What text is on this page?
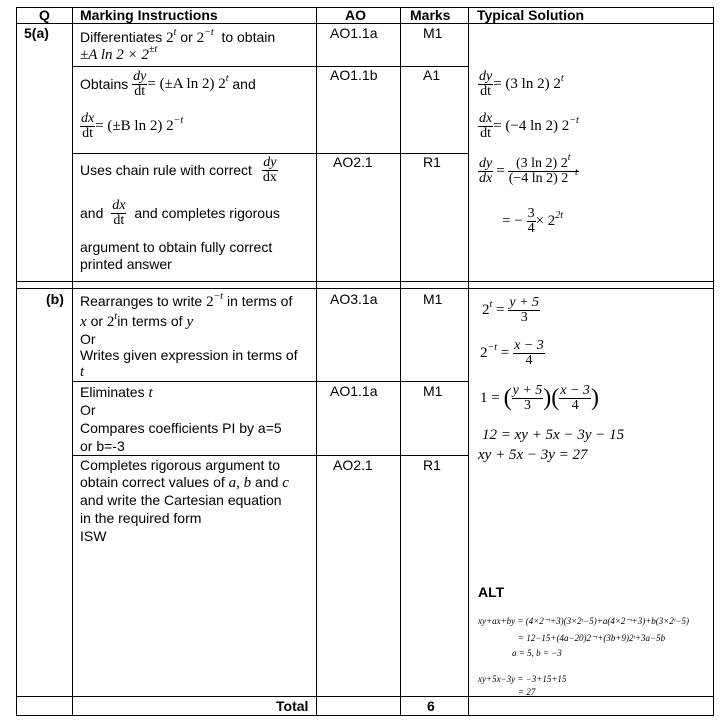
Q Marking Instructions	AO	Marks Typical Solution
5(a) Differentiates 2$^t$ or $2^{-t}$ to obtain
±A $\ln 2 \times 2^{\pm t}$
AO1.1a	M1
Obtains $\frac{dy}{dt} = (\pm A$ ln 2) 2$^t$ and
$\frac{dx}{dt} = (\pm B$ ln 2) $2^{-t}$
AO1.1b	A1	$\frac{dy}{dt} = (3$ ln 2) 2$^t$
$\frac{dx}{dt} = (-4$ ln 2) $2^{-t}$
Uses chain rule with correct $\frac{dy}{dx}$
and $\frac{dx}{dt}$ and completes rigorous
argument to obtain fully correct
printed answer
AO2.1	R1	$\frac{dy}{dx} = \frac{(3 \ln 2) 2^t}{(-4 \ln 2) 2^{-t}}$
= − $\frac{3}{4} \times 2^{2t}$
(b) Rearranges to write $2^{-t}$ in terms of
x or 2$^t$in terms of y
Or
Writes given expression in terms of
t
AO3.1a	M1
Eliminates t
Or
Compares coefficients PI by a=5
or b=-3
AO1.1a	M1
Completes rigorous argument to
obtain correct values of a, b and c
and write the Cartesian equation
in the required form
ISW
AO2.1	R1
$2^t = \frac{y + 5}{3}$
$2^{-t} = \frac{x - 3}{4}$
1 = ( $\frac{y + 5}{3}$ )( $\frac{x - 3}{4}$ )
12 = xy + 5x − 3y − 15
xy + 5x − 3y = 27
ALT
xy+ax+by = (4×2⁻ᵗ+3)(3×2ᵗ−5)+a(4×2⁻ᵗ+3)+b(3×2ᵗ−5)
= 12−15+(4a−20)2⁻ᵗ+(3b+9)2ᵗ+3a−5b
a = 5, b = −3
xy+5x−3y = −3+15+15
= 27
Total	6
